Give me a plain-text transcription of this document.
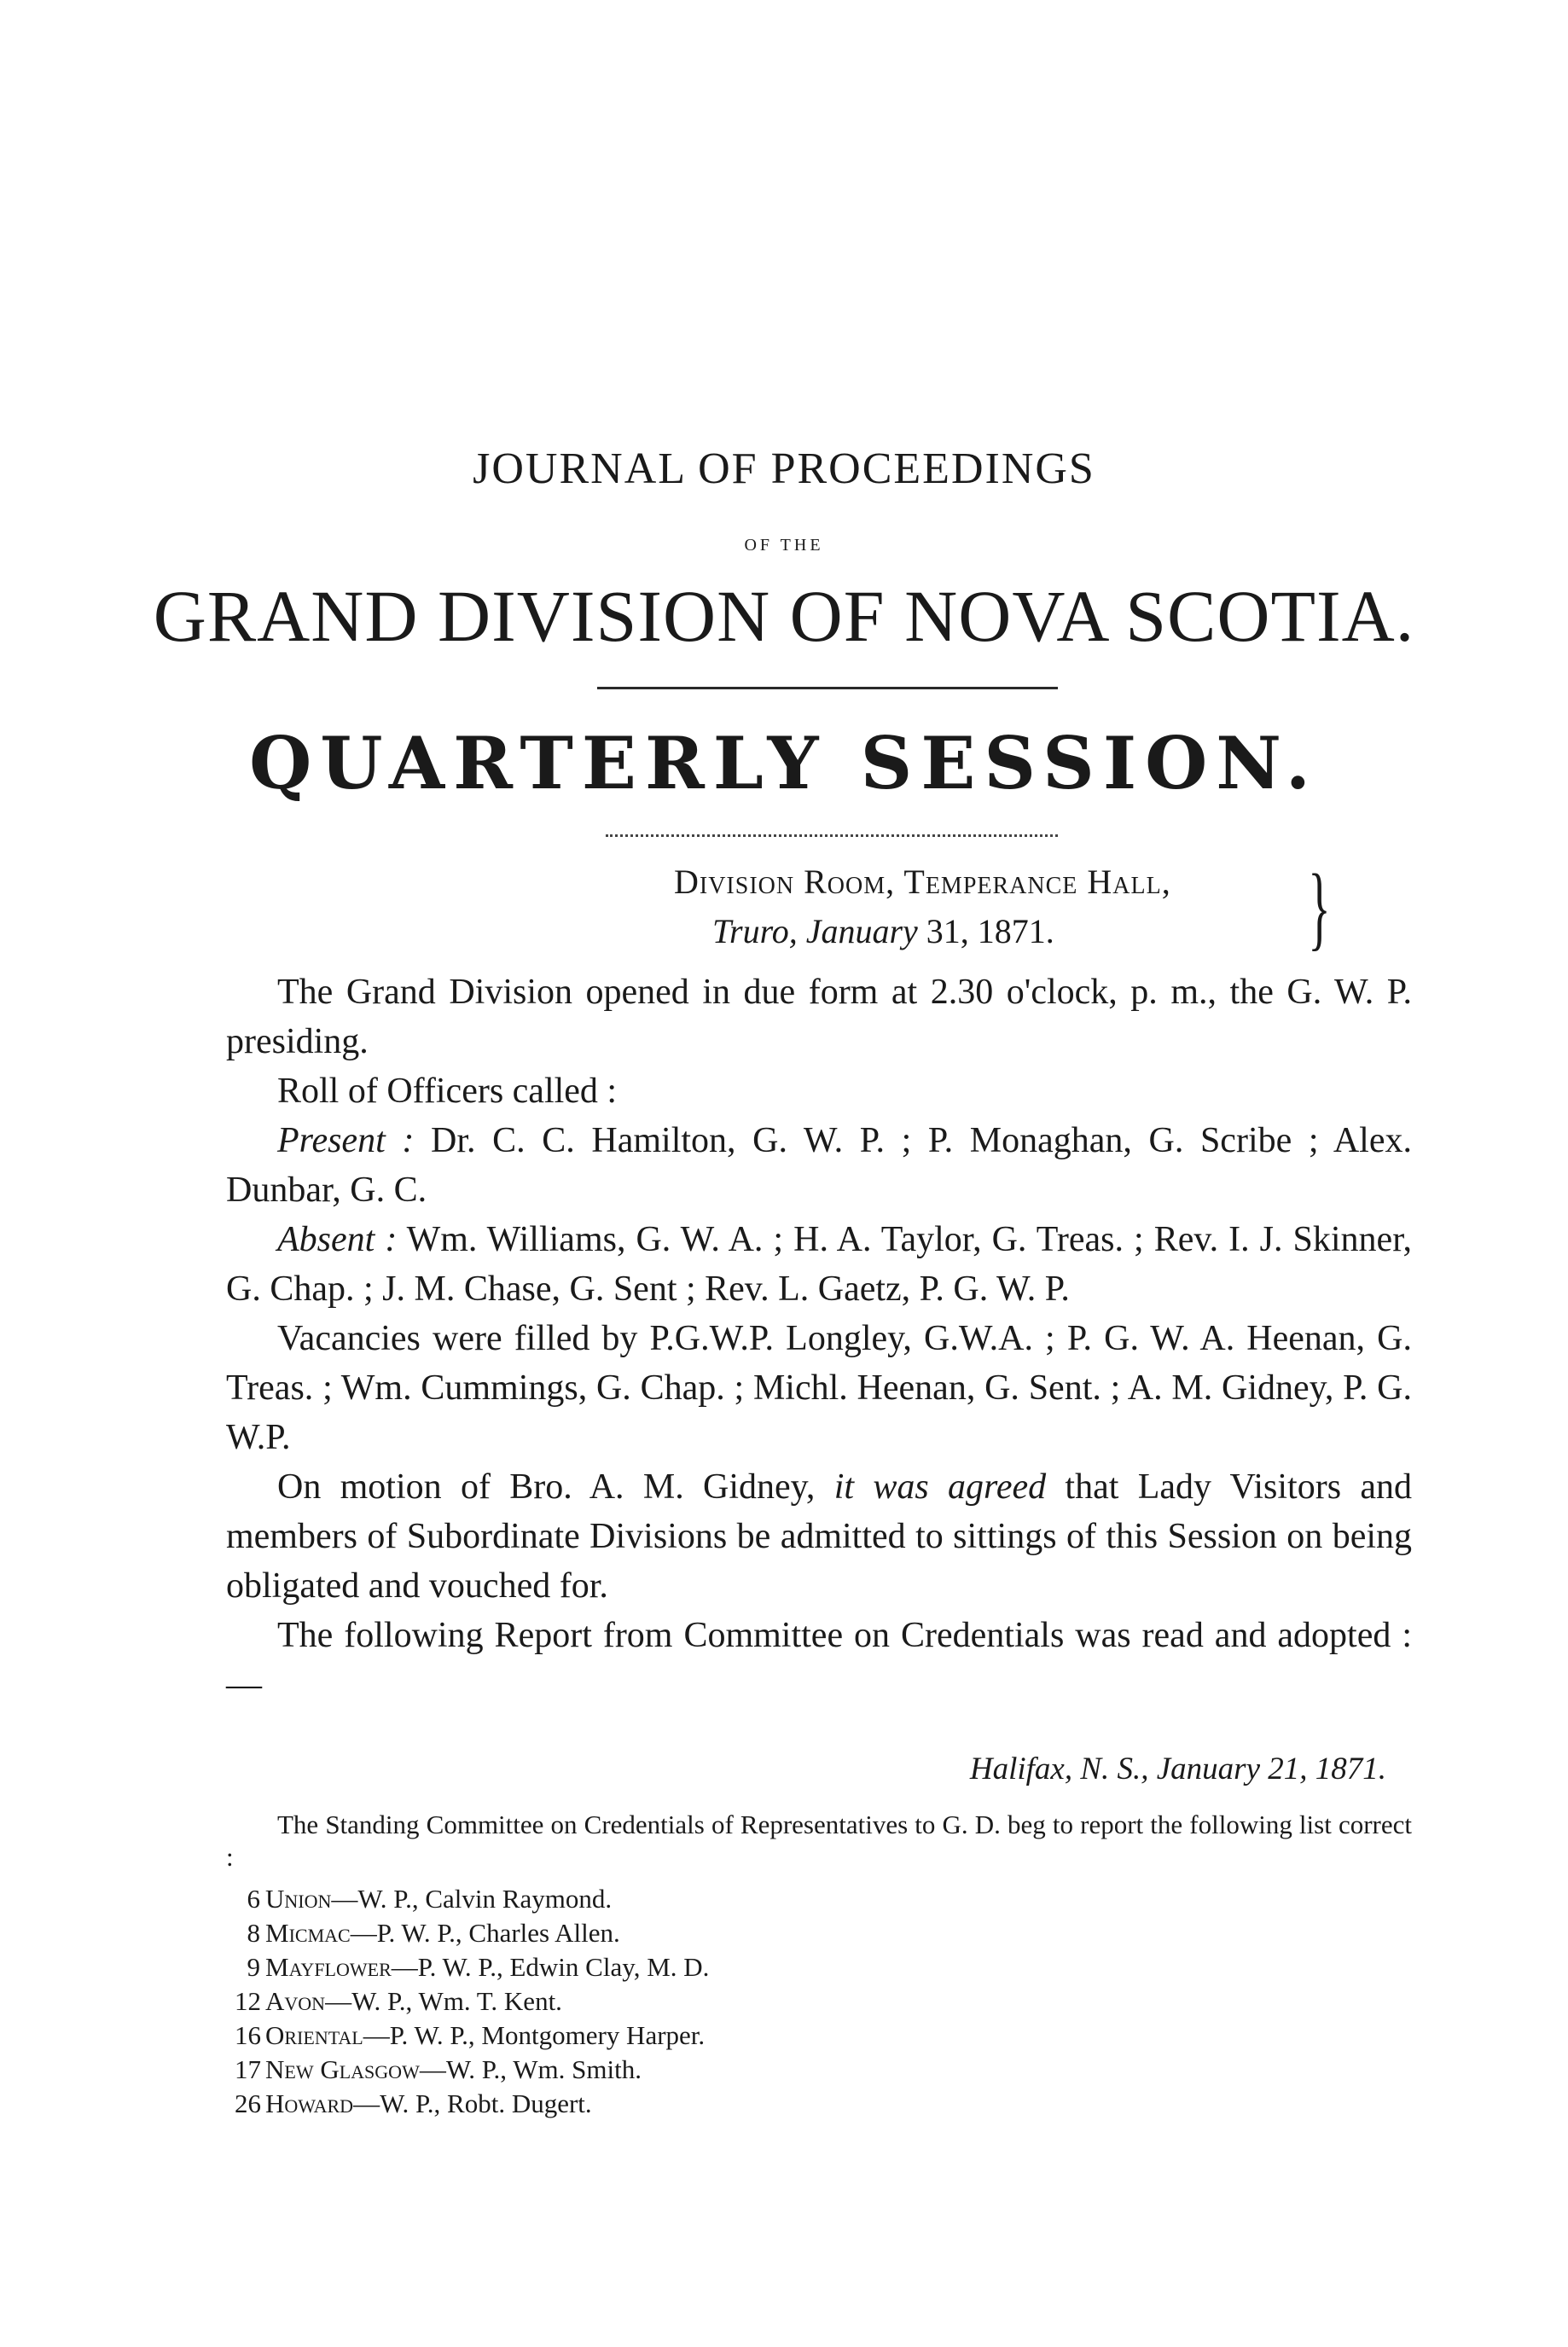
JOURNAL OF PROCEEDINGS
OF THE
GRAND DIVISION OF NOVA SCOTIA.
QUARTERLY SESSION.
Division Room, Temperance Hall,
Truro, January 31, 1871.	}

The Grand Division opened in due form at 2.30 o'clock, p. m., the G. W. P. presiding.

Roll of Officers called :

Present : Dr. C. C. Hamilton, G. W. P. ; P. Monaghan, G. Scribe ; Alex. Dunbar, G. C.

Absent : Wm. Williams, G. W. A. ; H. A. Taylor, G. Treas. ; Rev. I. J. Skinner, G. Chap. ; J. M. Chase, G. Sent ; Rev. L. Gaetz, P. G. W. P.

Vacancies were filled by P.G.W.P. Longley, G.W.A. ; P. G. W. A. Heenan, G. Treas. ; Wm. Cummings, G. Chap. ; Michl. Heenan, G. Sent. ; A. M. Gidney, P. G. W.P.

On motion of Bro. A. M. Gidney, it was agreed that Lady Visitors and members of Subordinate Divisions be admitted to sittings of this Session on being obligated and vouched for.

The following Report from Committee on Credentials was read and adopted :—

Halifax, N. S., January 21, 1871.

The Standing Committee on Credentials of Representatives to G. D. beg to report the following list correct :

6 Union—W. P., Calvin Raymond.
8 Micmac—P. W. P., Charles Allen.
9 Mayflower—P. W. P., Edwin Clay, M. D.
12 Avon—W. P., Wm. T. Kent.
16 Oriental—P. W. P., Montgomery Harper.
17 New Glasgow—W. P., Wm. Smith.
26 Howard—W. P., Robt. Dugert.
